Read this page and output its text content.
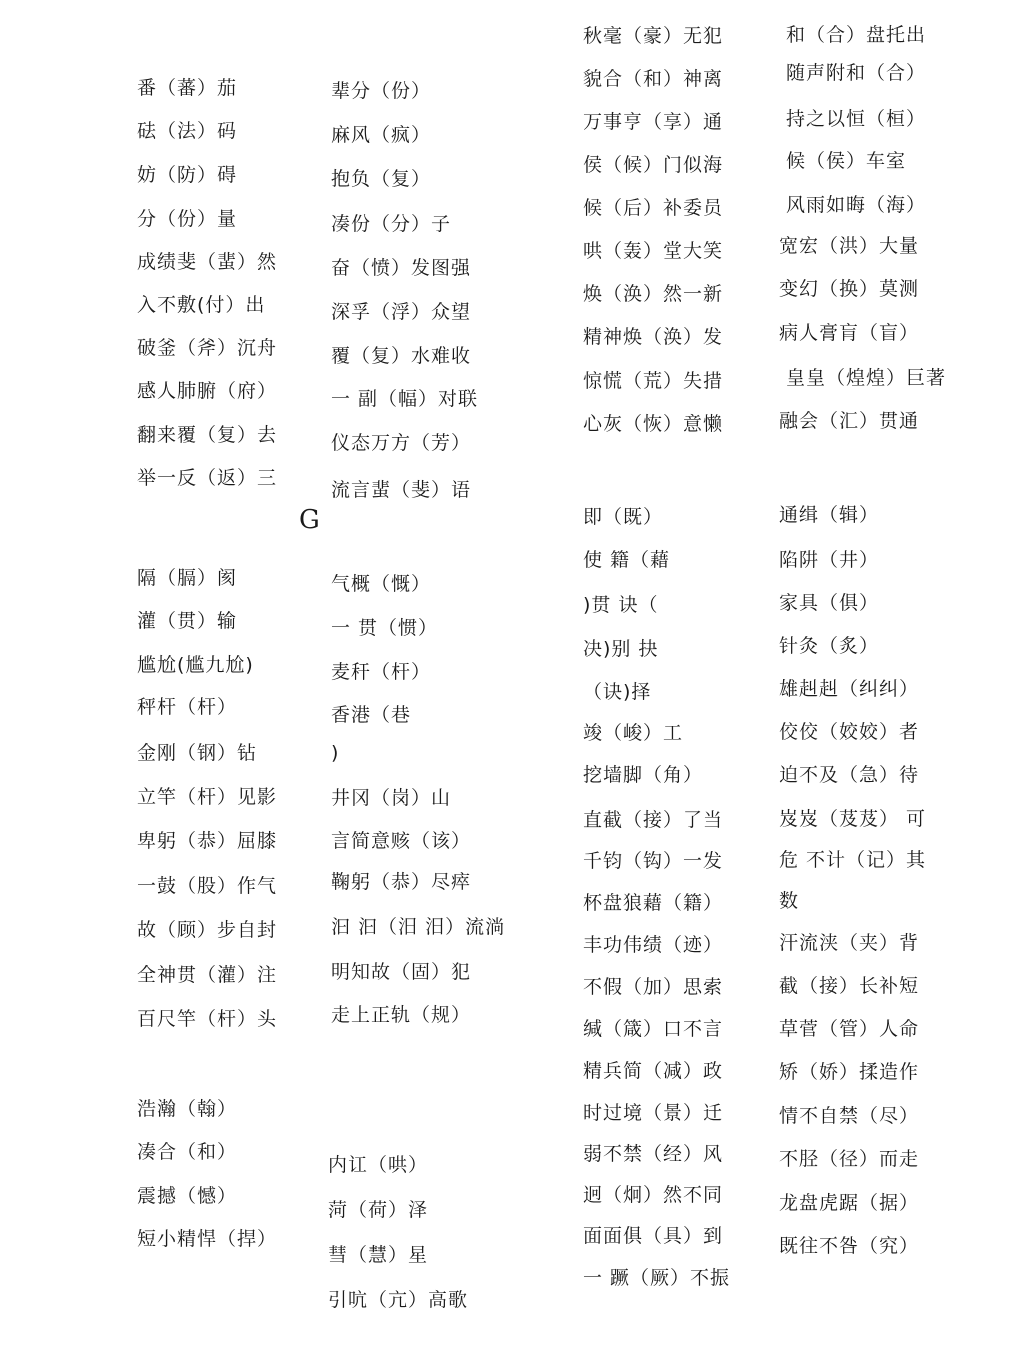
番（蕃）茄
砝（法）码
妨（防）碍
分（份）量
成绩斐（蜚）然
入不敷(付）出
破釜（斧）沉舟
感人肺腑（府）
翻来覆（复）去
举一反（返）三
辈分（份）
麻风（疯）
抱负（复）
凑份（分）子
奋（愤）发图强
深孚（浮）众望
覆（复）水难收
一 副（幅）对联
仪态万方（芳）
流言蜚（斐）语
G
隔（膈）阂
灌（贯）输
尴尬(尴九尬)
秤杆（杆）
金刚（钢）钻
立竿（杆）见影
卑躬（恭）屈膝
一鼓（股）作气
故（顾）步自封
全神贯（灌）注
百尺竿（杆）头
气概（慨）
一 贯（惯）
麦秆（杆）
香港（巷
)
井冈（岗）山
言简意赅（该）
鞠躬（恭）尽瘁
汩 汩（汨 汨）流淌
明知故（固）犯
走上正轨（规）
浩瀚（翰）
凑合（和）
震撼（憾）
短小精悍（捍）
内讧（哄）
菏（荷）泽
彗（慧）星
引吭（亢）高歌
秋毫（豪）无犯
貌合（和）神离
万事亨（享）通
侯（候）门似海
候（后）补委员
哄（轰）堂大笑
焕（涣）然一新
精神焕（涣）发
惊慌（荒）失措
心灰（恢）意懒
和（合）盘托出
随声附和（合）
持之以恒（桓）
候（侯）车室
风雨如晦（海）
宽宏（洪）大量
变幻（换）莫测
病人膏肓（盲）
皇皇（煌煌）巨著
融会（汇）贯通
即（既）
使 籍（藉
)贯 诀（
决)别 抉
（诀)择
竣（峻）工
挖墙脚（角）
直截（接）了当
千钧（钩）一发
杯盘狼藉（籍）
丰功伟绩（迹）
不假（加）思索
缄（箴）口不言
精兵简（减）政
时过境（景）迁
弱不禁（经）风
迥（炯）然不同
面面俱（具）到
一 蹶（厥）不振
通缉（辑）
陷阱（井）
家具（俱）
针灸（炙）
雄赳赳（纠纠）
佼佼（姣姣）者
迫不及（急）待
岌岌（芨芨） 可
危 不计（记）其
数
汗流浃（夹）背
截（接）长补短
草菅（管）人命
矫（娇）揉造作
情不自禁（尽）
不胫（径）而走
龙盘虎踞（据）
既往不咎（究）
